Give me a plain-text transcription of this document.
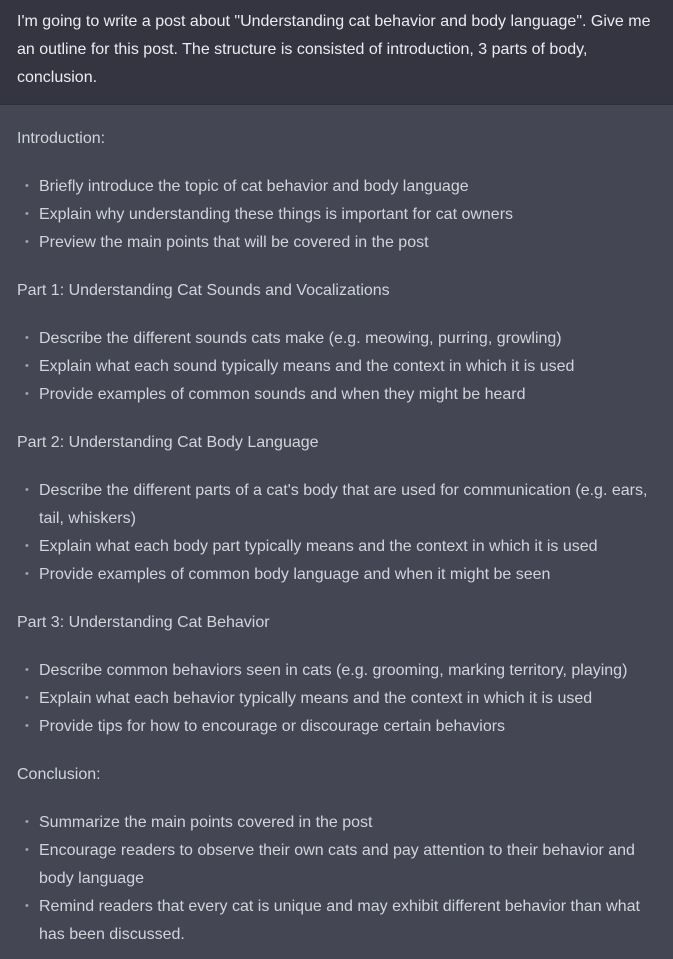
I'm going to write a post about "Understanding cat behavior and body language". Give me an outline for this post. The structure is consisted of introduction, 3 parts of body, conclusion.

Introduction:

•
Briefly introduce the topic of cat behavior and body language
•
Explain why understanding these things is important for cat owners
•
Preview the main points that will be covered in the post

Part 1: Understanding Cat Sounds and Vocalizations

•
Describe the different sounds cats make (e.g. meowing, purring, growling)
•
Explain what each sound typically means and the context in which it is used
•
Provide examples of common sounds and when they might be heard

Part 2: Understanding Cat Body Language

•
Describe the different parts of a cat's body that are used for communication (e.g. ears, tail, whiskers)
•
Explain what each body part typically means and the context in which it is used
•
Provide examples of common body language and when it might be seen

Part 3: Understanding Cat Behavior

•
Describe common behaviors seen in cats (e.g. grooming, marking territory, playing)
•
Explain what each behavior typically means and the context in which it is used
•
Provide tips for how to encourage or discourage certain behaviors

Conclusion:

•
Summarize the main points covered in the post
•
Encourage readers to observe their own cats and pay attention to their behavior and body language
•
Remind readers that every cat is unique and may exhibit different behavior than what has been discussed.
